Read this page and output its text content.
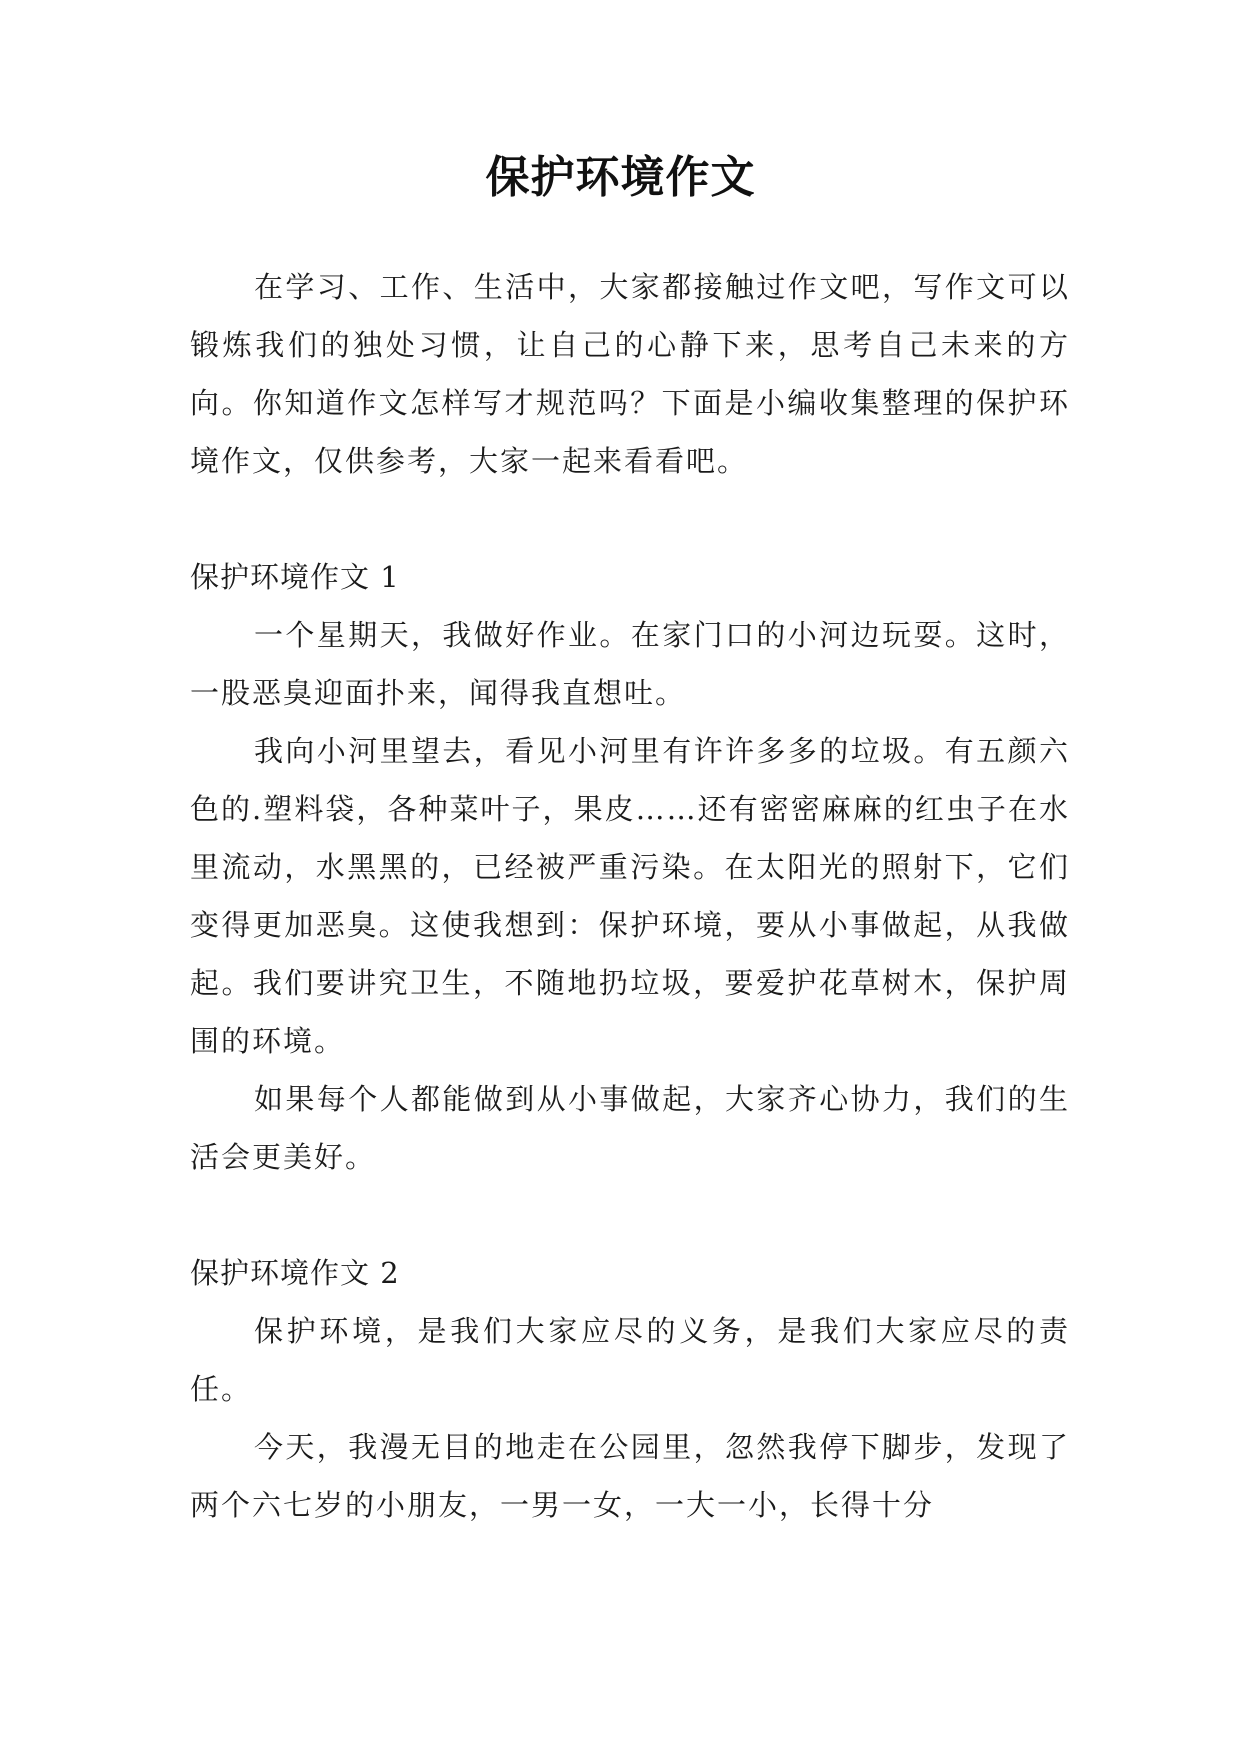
保护环境作文

在学习、工作、生活中，大家都接触过作文吧，写作文可以锻炼我们的独处习惯，让自己的心静下来，思考自己未来的方向。你知道作文怎样写才规范吗？下面是小编收集整理的保护环境作文，仅供参考，大家一起来看看吧。

保护环境作文 1

一个星期天，我做好作业。在家门口的小河边玩耍。这时，一股恶臭迎面扑来，闻得我直想吐。

我向小河里望去，看见小河里有许许多多的垃圾。有五颜六色的.塑料袋，各种菜叶子，果皮……还有密密麻麻的红虫子在水里流动，水黑黑的，已经被严重污染。在太阳光的照射下，它们变得更加恶臭。这使我想到：保护环境，要从小事做起，从我做起。我们要讲究卫生，不随地扔垃圾，要爱护花草树木，保护周围的环境。

如果每个人都能做到从小事做起，大家齐心协力，我们的生活会更美好。

保护环境作文 2

保护环境，是我们大家应尽的义务，是我们大家应尽的责任。

今天，我漫无目的地走在公园里，忽然我停下脚步，发现了两个六七岁的小朋友，一男一女，一大一小，长得十分
